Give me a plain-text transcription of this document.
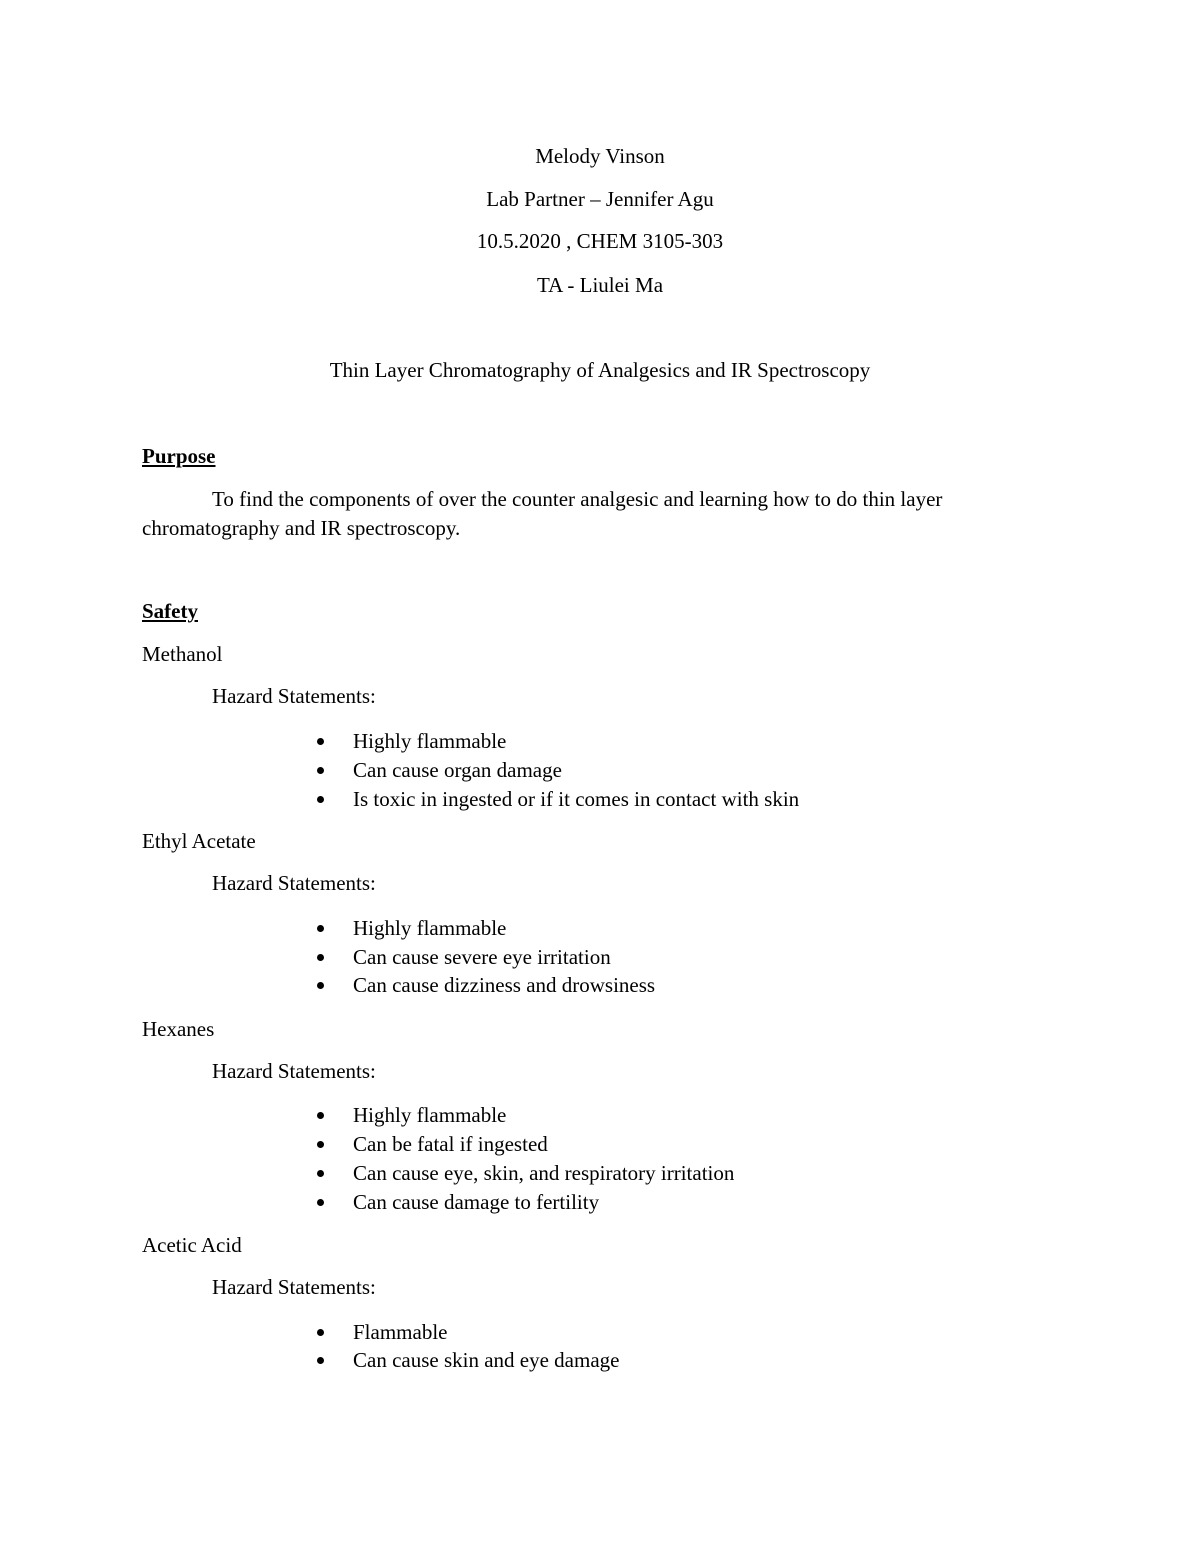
Melody Vinson
Lab Partner – Jennifer Agu
10.5.2020 , CHEM 3105-303
TA - Liulei Ma
Thin Layer Chromatography of Analgesics and IR Spectroscopy
Purpose
To find the components of over the counter analgesic and learning how to do thin layer chromatography and IR spectroscopy.
Safety
Methanol
Hazard Statements:
Highly flammable
Can cause organ damage
Is toxic in ingested or if it comes in contact with skin
Ethyl Acetate
Hazard Statements:
Highly flammable
Can cause severe eye irritation
Can cause dizziness and drowsiness
Hexanes
Hazard Statements:
Highly flammable
Can be fatal if ingested
Can cause eye, skin, and respiratory irritation
Can cause damage to fertility
Acetic Acid
Hazard Statements:
Flammable
Can cause skin and eye damage
